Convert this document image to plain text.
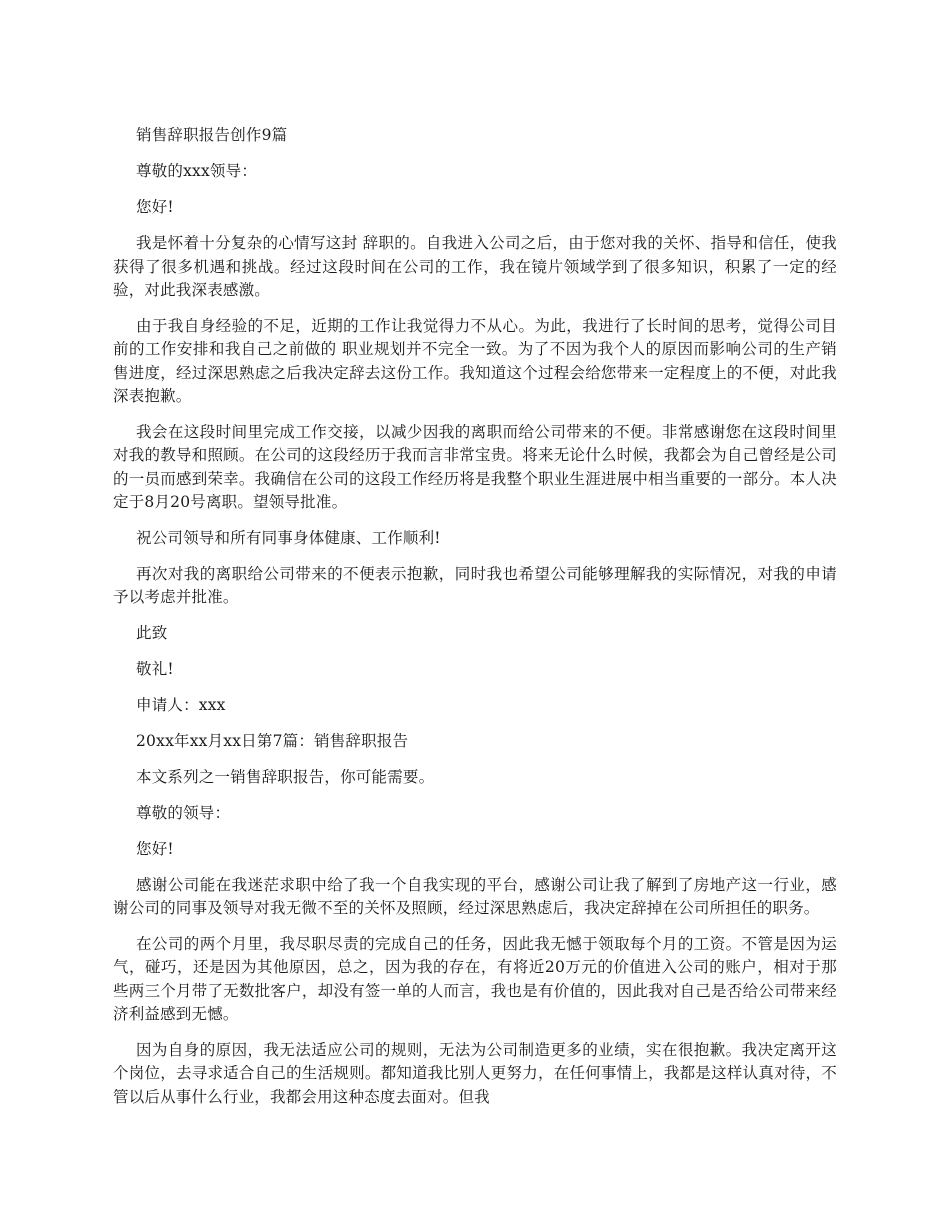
销售辞职报告创作9篇

尊敬的xxx领导：

您好!

我是怀着十分复杂的心情写这封 辞职的。自我进入公司之后，由于您对我的关怀、指导和信任，使我获得了很多机遇和挑战。经过这段时间在公司的工作，我在镜片领域学到了很多知识，积累了一定的经验，对此我深表感激。

由于我自身经验的不足，近期的工作让我觉得力不从心。为此，我进行了长时间的思考，觉得公司目前的工作安排和我自己之前做的 职业规划并不完全一致。为了不因为我个人的原因而影响公司的生产销售进度，经过深思熟虑之后我决定辞去这份工作。我知道这个过程会给您带来一定程度上的不便，对此我深表抱歉。

我会在这段时间里完成工作交接，以减少因我的离职而给公司带来的不便。非常感谢您在这段时间里对我的教导和照顾。在公司的这段经历于我而言非常宝贵。将来无论什么时候，我都会为自己曾经是公司的一员而感到荣幸。我确信在公司的这段工作经历将是我整个职业生涯进展中相当重要的一部分。本人决定于8月20号离职。望领导批准。

祝公司领导和所有同事身体健康、工作顺利!

再次对我的离职给公司带来的不便表示抱歉，同时我也希望公司能够理解我的实际情况，对我的申请予以考虑并批准。

此致

敬礼!

申请人：xxx

20xx年xx月xx日第7篇：销售辞职报告

本文系列之一销售辞职报告，你可能需要。

尊敬的领导：

您好!

感谢公司能在我迷茫求职中给了我一个自我实现的平台，感谢公司让我了解到了房地产这一行业，感谢公司的同事及领导对我无微不至的关怀及照顾，经过深思熟虑后，我决定辞掉在公司所担任的职务。

在公司的两个月里，我尽职尽责的完成自己的任务，因此我无憾于领取每个月的工资。不管是因为运气，碰巧，还是因为其他原因，总之，因为我的存在，有将近20万元的价值进入公司的账户，相对于那些两三个月带了无数批客户，却没有签一单的人而言，我也是有价值的，因此我对自己是否给公司带来经济利益感到无憾。

因为自身的原因，我无法适应公司的规则，无法为公司制造更多的业绩，实在很抱歉。我决定离开这个岗位，去寻求适合自己的生活规则。都知道我比别人更努力，在任何事情上，我都是这样认真对待，不管以后从事什么行业，我都会用这种态度去面对。但我
